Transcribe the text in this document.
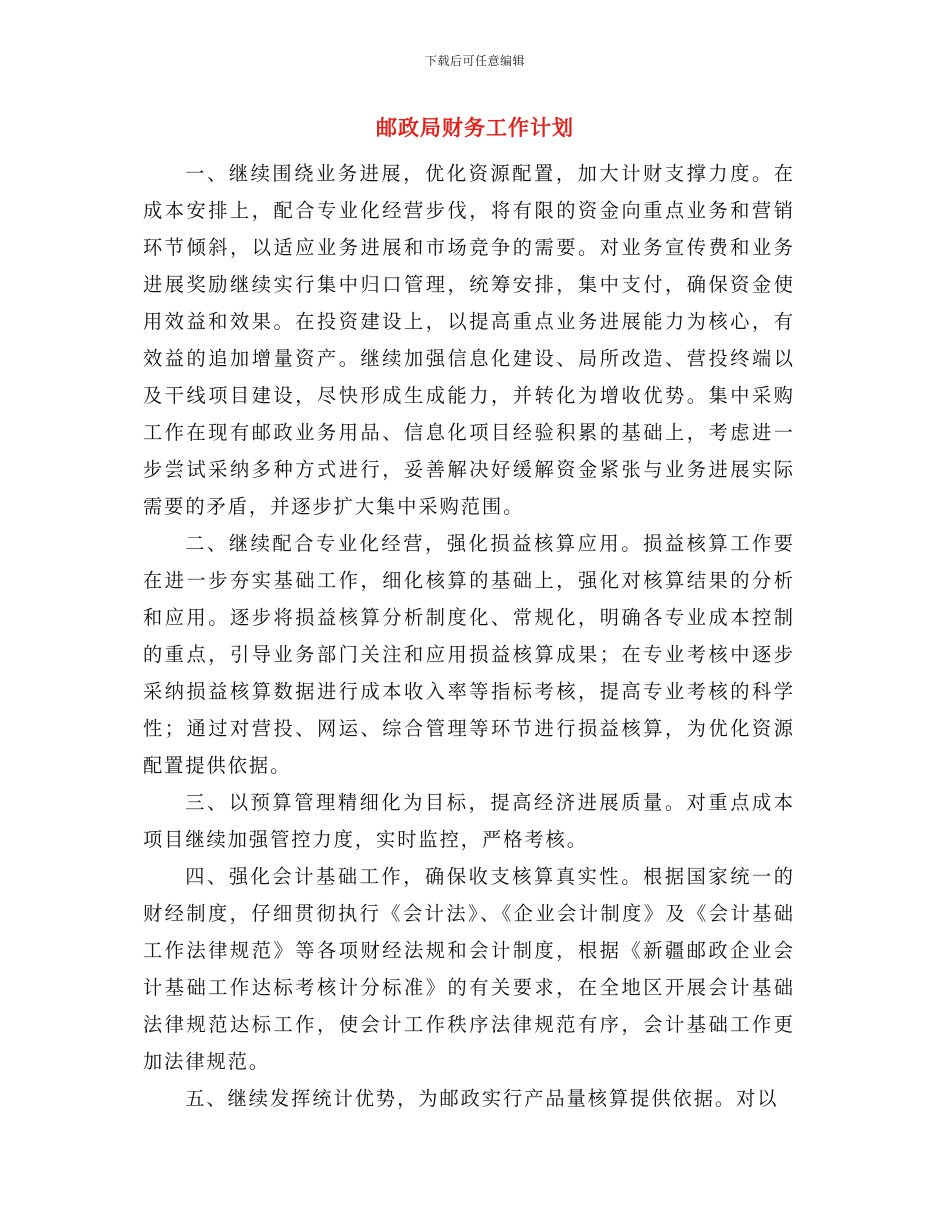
下载后可任意编辑
邮政局财务工作计划

一、继续围绕业务进展，优化资源配置，加大计财支撑力度。在成本安排上，配合专业化经营步伐，将有限的资金向重点业务和营销环节倾斜，以适应业务进展和市场竞争的需要。对业务宣传费和业务进展奖励继续实行集中归口管理，统筹安排，集中支付，确保资金使用效益和效果。在投资建设上，以提高重点业务进展能力为核心，有效益的追加增量资产。继续加强信息化建设、局所改造、营投终端以及干线项目建设，尽快形成生成能力，并转化为增收优势。集中采购工作在现有邮政业务用品、信息化项目经验积累的基础上，考虑进一步尝试采纳多种方式进行，妥善解决好缓解资金紧张与业务进展实际需要的矛盾，并逐步扩大集中采购范围。

二、继续配合专业化经营，强化损益核算应用。损益核算工作要在进一步夯实基础工作，细化核算的基础上，强化对核算结果的分析和应用。逐步将损益核算分析制度化、常规化，明确各专业成本控制的重点，引导业务部门关注和应用损益核算成果；在专业考核中逐步采纳损益核算数据进行成本收入率等指标考核，提高专业考核的科学性；通过对营投、网运、综合管理等环节进行损益核算，为优化资源配置提供依据。

三、以预算管理精细化为目标，提高经济进展质量。对重点成本项目继续加强管控力度，实时监控，严格考核。

四、强化会计基础工作，确保收支核算真实性。根据国家统一的财经制度，仔细贯彻执行《会计法》、《企业会计制度》及《会计基础工作法律规范》等各项财经法规和会计制度，根据《新疆邮政企业会计基础工作达标考核计分标准》的有关要求，在全地区开展会计基础法律规范达标工作，使会计工作秩序法律规范有序，会计基础工作更加法律规范。

五、继续发挥统计优势，为邮政实行产品量核算提供依据。对以
